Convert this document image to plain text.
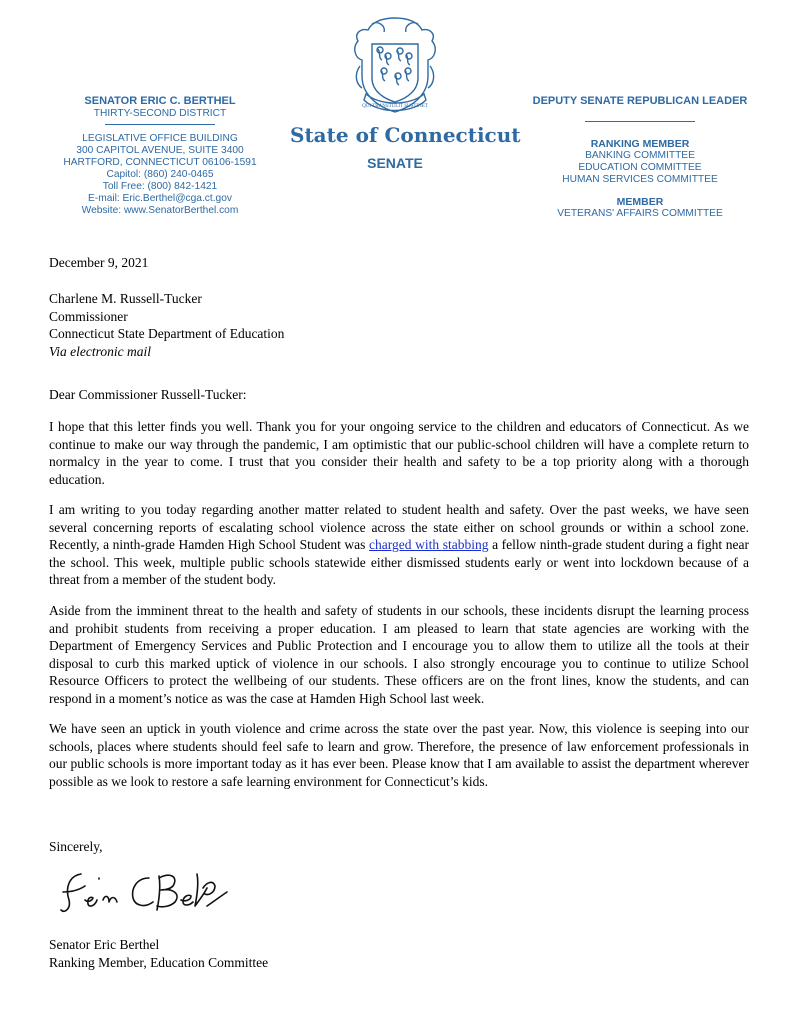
SENATOR ERIC C. BERTHEL
THIRTY-SECOND DISTRICT
LEGISLATIVE OFFICE BUILDING
300 CAPITOL AVENUE, SUITE 3400
HARTFORD, CONNECTICUT 06106-1591
Capitol: (860) 240-0465
Toll Free: (800) 842-1421
E-mail: Eric.Berthel@cga.ct.gov
Website: www.SenatorBerthel.com
QUI TRANSTULIT SUSTINET
State of Connecticut
SENATE
DEPUTY SENATE REPUBLICAN LEADER
RANKING MEMBER
BANKING COMMITTEE
EDUCATION COMMITTEE
HUMAN SERVICES COMMITTEE
MEMBER
VETERANS' AFFAIRS COMMITTEE
December 9, 2021
Charlene M. Russell-Tucker
Commissioner
Connecticut State Department of Education
Via electronic mail
Dear Commissioner Russell-Tucker:
I hope that this letter finds you well. Thank you for your ongoing service to the children and educators of Connecticut. As we continue to make our way through the pandemic, I am optimistic that our public-school children will have a complete return to normalcy in the year to come. I trust that you consider their health and safety to be a top priority along with a thorough education.
I am writing to you today regarding another matter related to student health and safety. Over the past weeks, we have seen several concerning reports of escalating school violence across the state either on school grounds or within a school zone. Recently, a ninth-grade Hamden High School Student was charged with stabbing a fellow ninth-grade student during a fight near the school. This week, multiple public schools statewide either dismissed students early or went into lockdown because of a threat from a member of the student body.
Aside from the imminent threat to the health and safety of students in our schools, these incidents disrupt the learning process and prohibit students from receiving a proper education. I am pleased to learn that state agencies are working with the Department of Emergency Services and Public Protection and I encourage you to allow them to utilize all the tools at their disposal to curb this marked uptick of violence in our schools. I also strongly encourage you to continue to utilize School Resource Officers to protect the wellbeing of our students. These officers are on the front lines, know the students, and can respond in a moment’s notice as was the case at Hamden High School last week.
We have seen an uptick in youth violence and crime across the state over the past year. Now, this violence is seeping into our schools, places where students should feel safe to learn and grow. Therefore, the presence of law enforcement professionals in our public schools is more important today as it has ever been. Please know that I am available to assist the department wherever possible as we look to restore a safe learning environment for Connecticut’s kids.
Sincerely,
Senator Eric Berthel
Ranking Member, Education Committee
